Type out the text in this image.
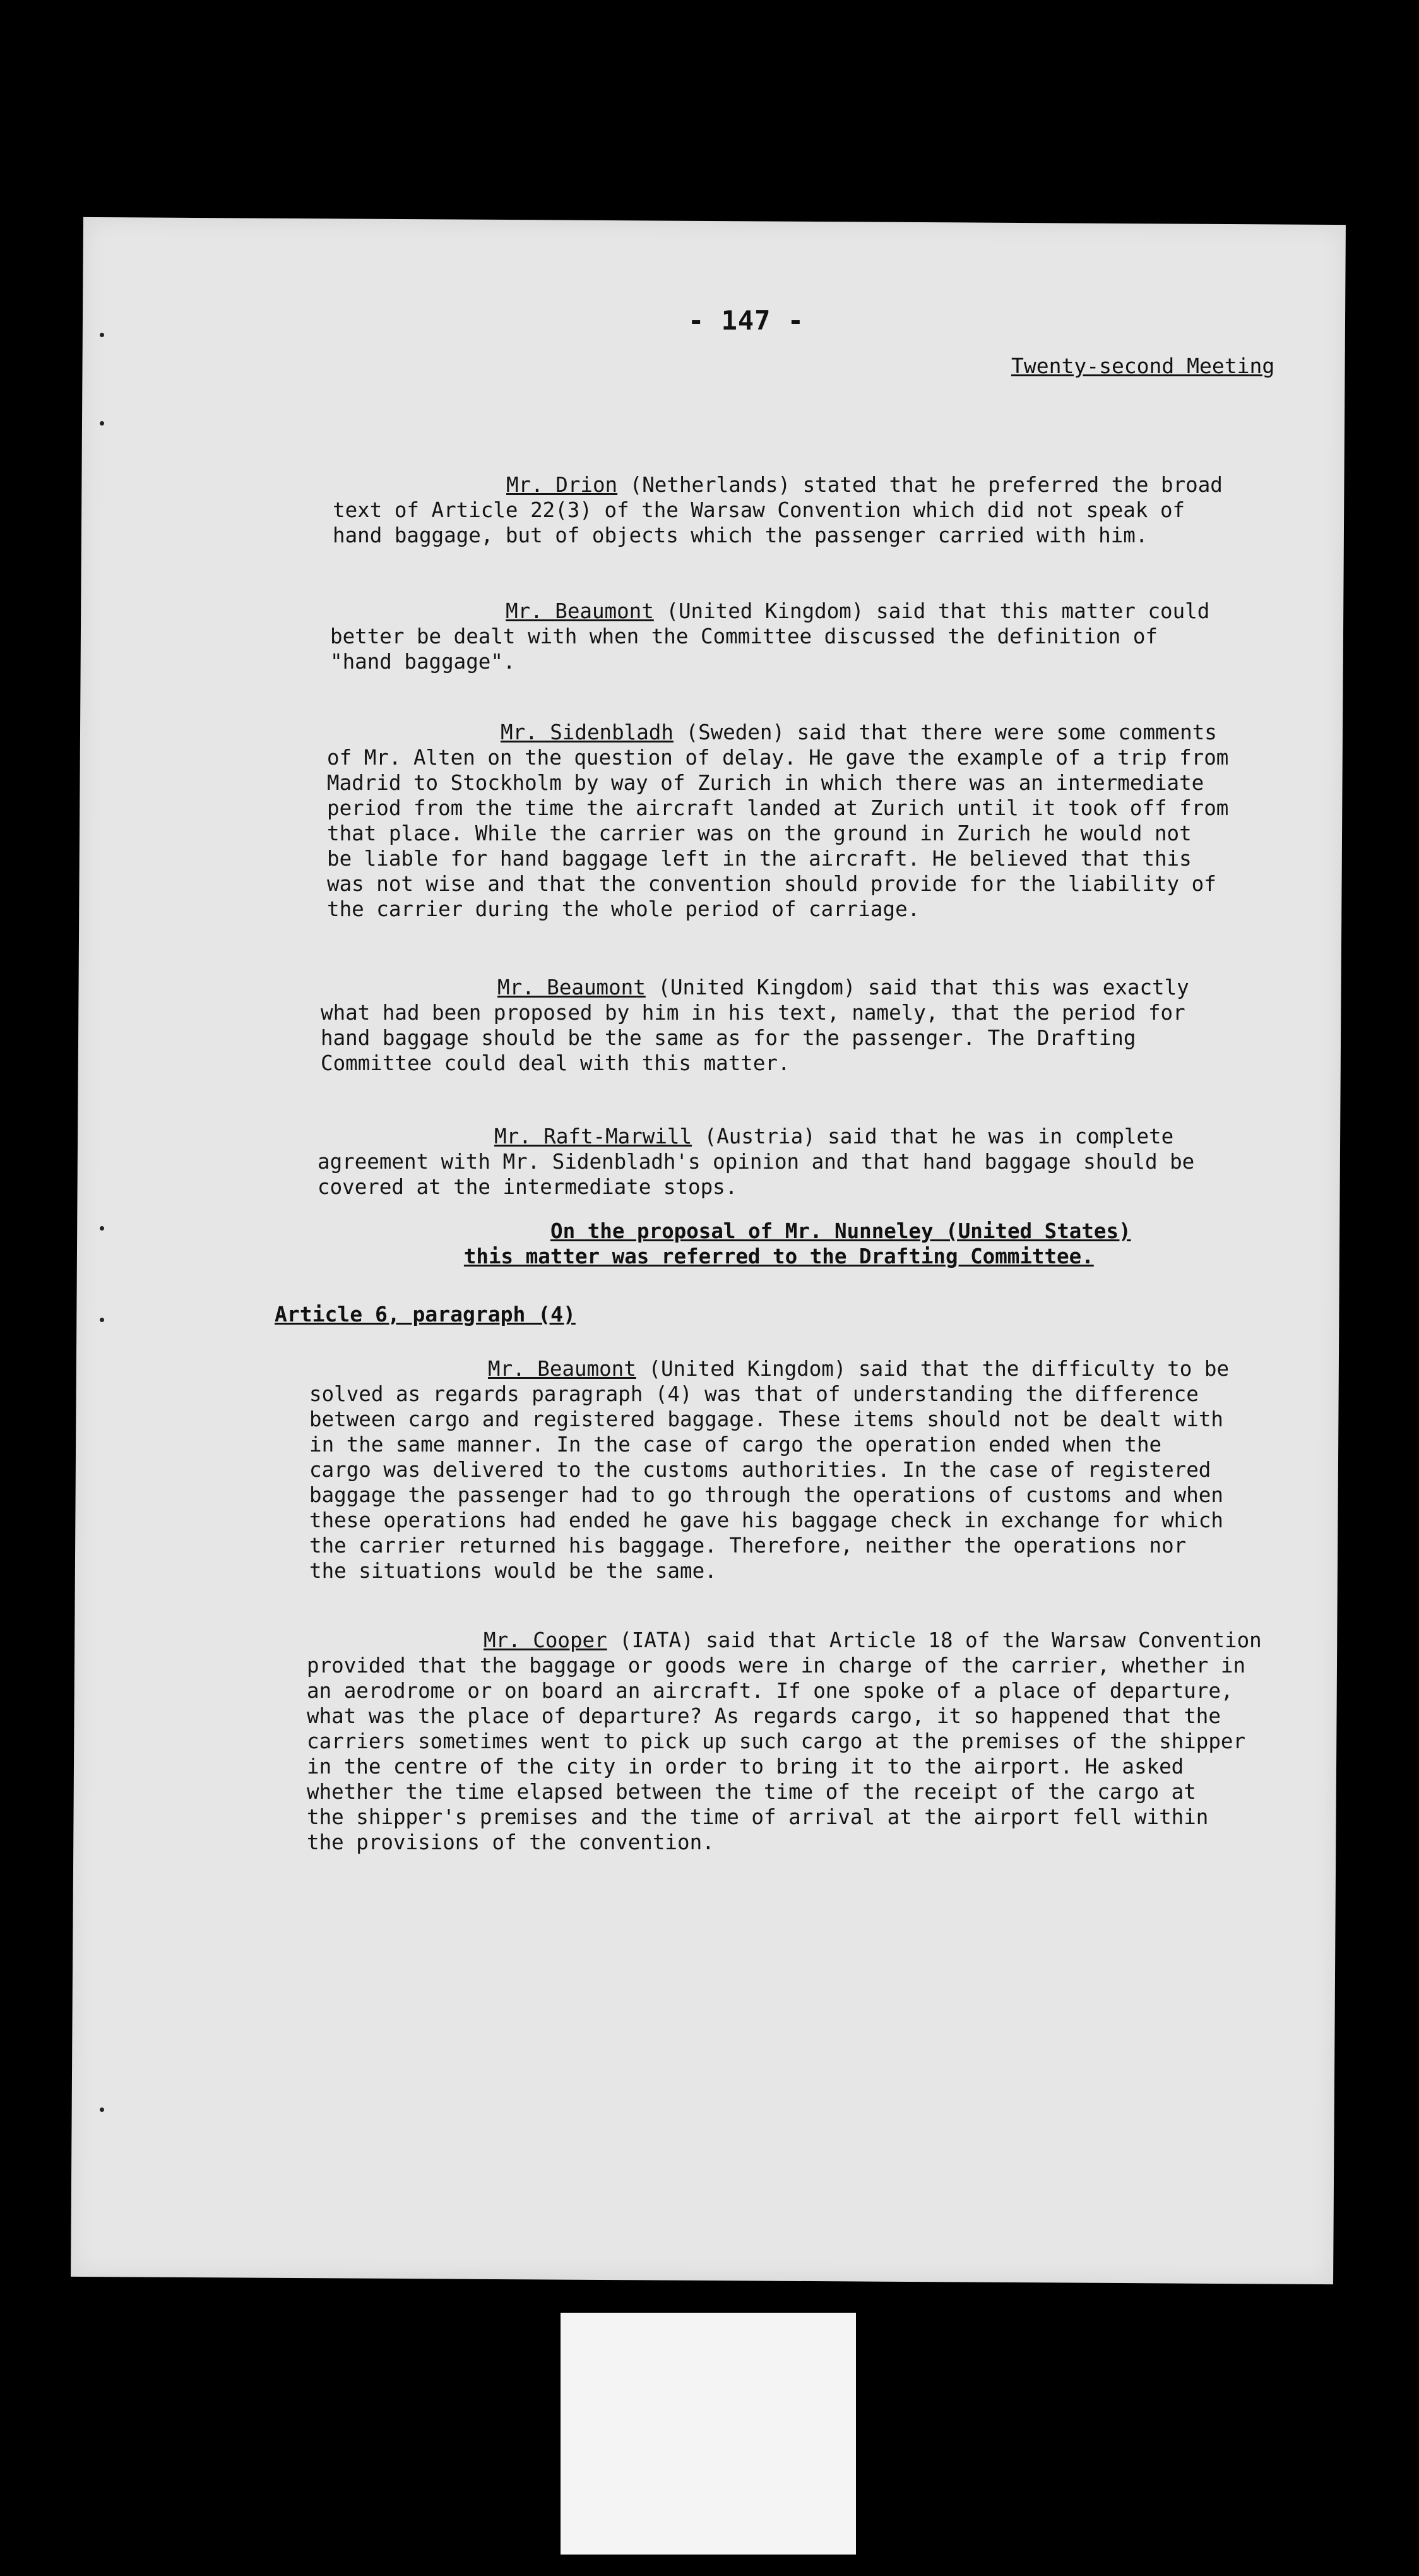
- 147 -
Twenty-second Meeting
Mr. Drion (Netherlands) stated that he preferred the broad
text of Article 22(3) of the Warsaw Convention which did not speak of
hand baggage, but of objects which the passenger carried with him.
Mr. Beaumont (United Kingdom) said that this matter could
better be dealt with when the Committee discussed the definition of
"hand baggage".
Mr. Sidenbladh (Sweden) said that there were some comments
of Mr. Alten on the question of delay. He gave the example of a trip from
Madrid to Stockholm by way of Zurich in which there was an intermediate
period from the time the aircraft landed at Zurich until it took off from
that place. While the carrier was on the ground in Zurich he would not
be liable for hand baggage left in the aircraft. He believed that this
was not wise and that the convention should provide for the liability of
the carrier during the whole period of carriage.
Mr. Beaumont (United Kingdom) said that this was exactly
what had been proposed by him in his text, namely, that the period for
hand baggage should be the same as for the passenger. The Drafting
Committee could deal with this matter.
Mr. Raft-Marwill (Austria) said that he was in complete
agreement with Mr. Sidenbladh's opinion and that hand baggage should be
covered at the intermediate stops.
On the proposal of Mr. Nunneley (United States)
this matter was referred to the Drafting Committee.
Article 6, paragraph (4)
Mr. Beaumont (United Kingdom) said that the difficulty to be
solved as regards paragraph (4) was that of understanding the difference
between cargo and registered baggage. These items should not be dealt with
in the same manner. In the case of cargo the operation ended when the
cargo was delivered to the customs authorities. In the case of registered
baggage the passenger had to go through the operations of customs and when
these operations had ended he gave his baggage check in exchange for which
the carrier returned his baggage. Therefore, neither the operations nor
the situations would be the same.
Mr. Cooper (IATA) said that Article 18 of the Warsaw Convention
provided that the baggage or goods were in charge of the carrier, whether in
an aerodrome or on board an aircraft. If one spoke of a place of departure,
what was the place of departure? As regards cargo, it so happened that the
carriers sometimes went to pick up such cargo at the premises of the shipper
in the centre of the city in order to bring it to the airport. He asked
whether the time elapsed between the time of the receipt of the cargo at
the shipper's premises and the time of arrival at the airport fell within
the provisions of the convention.
